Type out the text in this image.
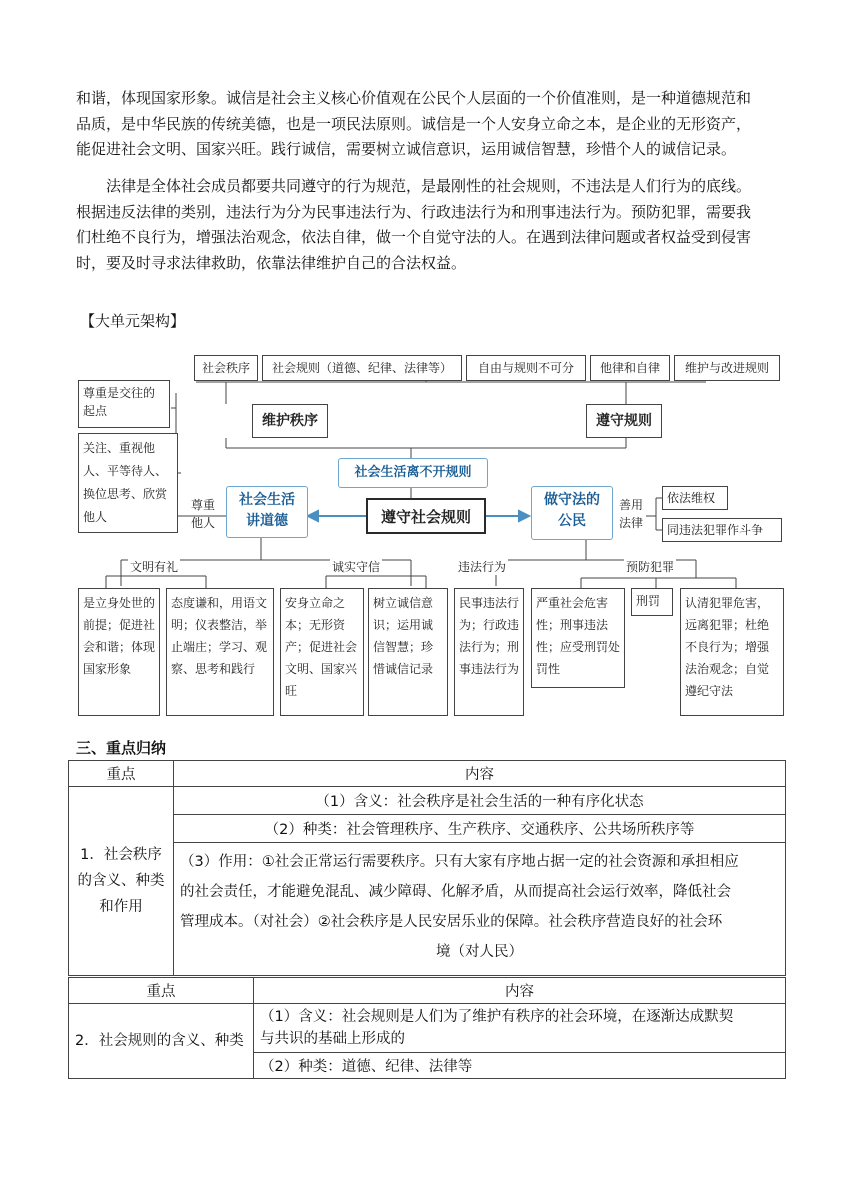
和谐，体现国家形象。诚信是社会主义核心价值观在公民个人层面的一个价值准则，是一种道德规范和
品质，是中华民族的传统美德，也是一项民法原则。诚信是一个人安身立命之本，是企业的无形资产，
能促进社会文明、国家兴旺。践行诚信，需要树立诚信意识，运用诚信智慧，珍惜个人的诚信记录。

法律是全体社会成员都要共同遵守的行为规范，是最刚性的社会规则，不违法是人们行为的底线。
根据违反法律的类别，违法行为分为民事违法行为、行政违法行为和刑事违法行为。预防犯罪，需要我
们杜绝不良行为，增强法治观念，依法自律，做一个自觉守法的人。在遇到法律问题或者权益受到侵害
时，要及时寻求法律救助，依靠法律维护自己的合法权益。

【大单元架构】
社会秩序	社会规则（道德、纪律、法律等）	自由与规则不可分	他律和自律	维护与改进规则
维护秩序	遵守规则
社会生活离不开规则
遵守社会规则
社会生活讲道德
做守法的公民
尊重他人
善用法律
尊重是交往的起点
关注、重视他人、平等待人、换位思考、欣赏他人
依法维权
同违法犯罪作斗争
文明有礼	诚实守信	违法行为	预防犯罪
是立身处世的前提；促进社会和谐；体现国家形象
态度谦和，用语文明；仪表整洁，举止端庄；学习、观察、思考和践行
安身立命之本；无形资产；促进社会文明、国家兴旺
树立诚信意识；运用诚信智慧；珍惜诚信记录
民事违法行为；行政违法行为；刑事违法行为
严重社会危害性；刑事违法性；应受刑罚处罚性
刑罚	认清犯罪危害，远离犯罪；杜绝不良行为；增强法治观念；自觉遵纪守法
三、重点归纳
重点	内容
1．社会秩序的含义、种类和作用	（1）含义：社会秩序是社会生活的一种有序化状态
	（2）种类：社会管理秩序、生产秩序、交通秩序、公共场所秩序等
	（3）作用：①社会正常运行需要秩序。只有大家有序地占据一定的社会资源和承担相应
的社会责任，才能避免混乱、减少障碍、化解矛盾，从而提高社会运行效率，降低社会
管理成本。（对社会）②社会秩序是人民安居乐业的保障。社会秩序营造良好的社会环

境（对人民）
重点	内容
2．社会规则的含义、种类	（1）含义：社会规则是人们为了维护有秩序的社会环境，在逐渐达成默契
与共识的基础上形成的
	（2）种类：道德、纪律、法律等
